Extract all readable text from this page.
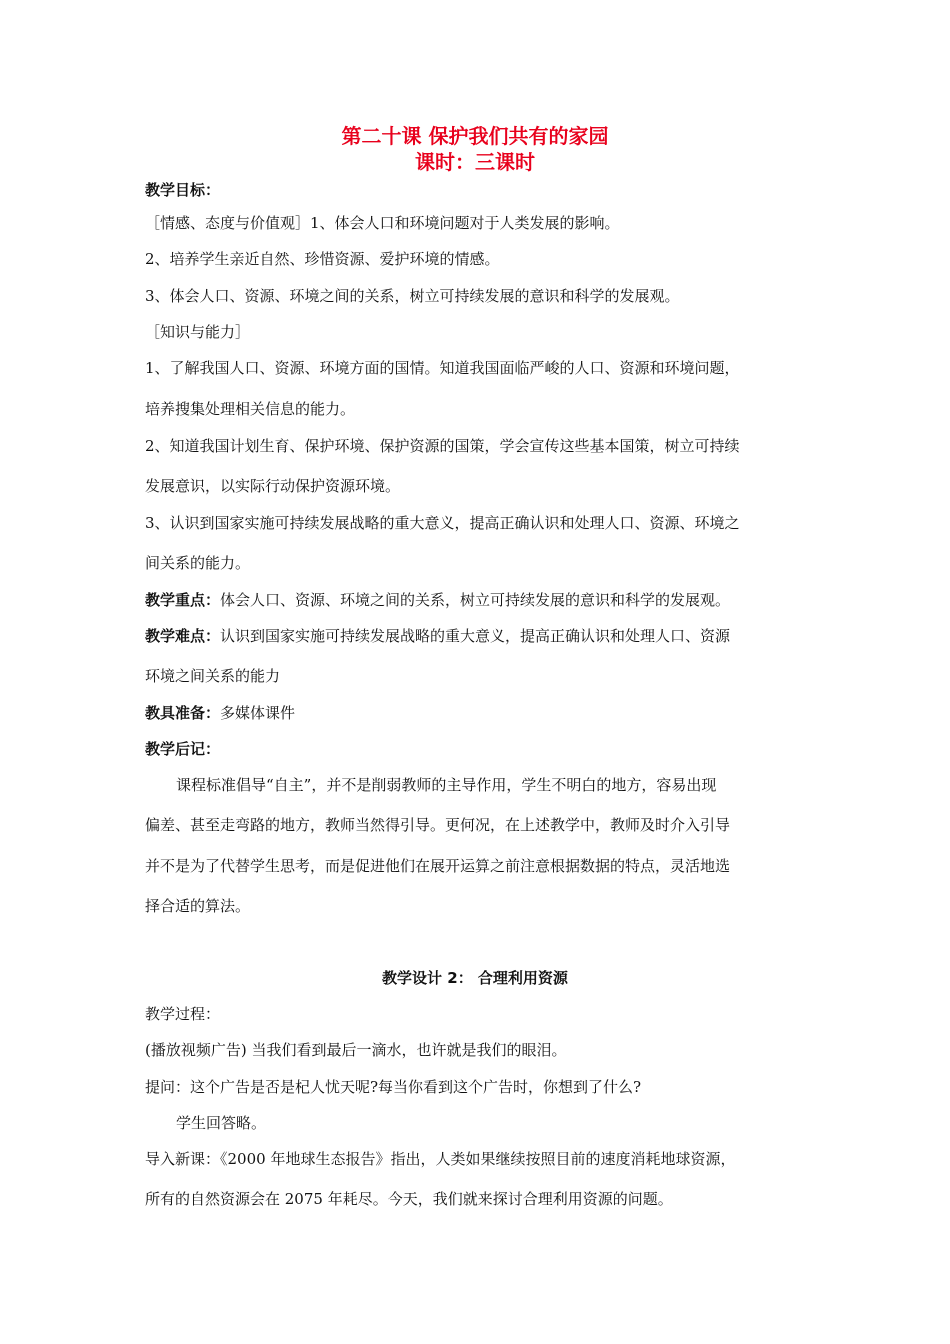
第二十课 保护我们共有的家园
课时：三课时
教学目标：
［情感、态度与价值观］1、体会人口和环境问题对于人类发展的影响。
2、培养学生亲近自然、珍惜资源、爱护环境的情感。
3、体会人口、资源、环境之间的关系，树立可持续发展的意识和科学的发展观。
［知识与能力］
1、了解我国人口、资源、环境方面的国情。知道我国面临严峻的人口、资源和环境问题，
培养搜集处理相关信息的能力。
2、知道我国计划生育、保护环境、保护资源的国策，学会宣传这些基本国策，树立可持续
发展意识，以实际行动保护资源环境。
3、认识到国家实施可持续发展战略的重大意义，提高正确认识和处理人口、资源、环境之
间关系的能力。
教学重点：体会人口、资源、环境之间的关系，树立可持续发展的意识和科学的发展观。
教学难点：认识到国家实施可持续发展战略的重大意义，提高正确认识和处理人口、资源
环境之间关系的能力
教具准备：多媒体课件
教学后记：
课程标准倡导“自主”，并不是削弱教师的主导作用，学生不明白的地方，容易出现
偏差、甚至走弯路的地方，教师当然得引导。更何况，在上述教学中，教师及时介入引导
并不是为了代替学生思考，而是促进他们在展开运算之前注意根据数据的特点，灵活地选
择合适的算法。
教学设计 2： 合理利用资源
教学过程：
(播放视频广告) 当我们看到最后一滴水，也许就是我们的眼泪。
提问：这个广告是否是杞人忧天呢?每当你看到这个广告时，你想到了什么?
学生回答略。
导入新课：《2000 年地球生态报告》指出，人类如果继续按照目前的速度消耗地球资源，
所有的自然资源会在 2075 年耗尽。今天，我们就来探讨合理利用资源的问题。
